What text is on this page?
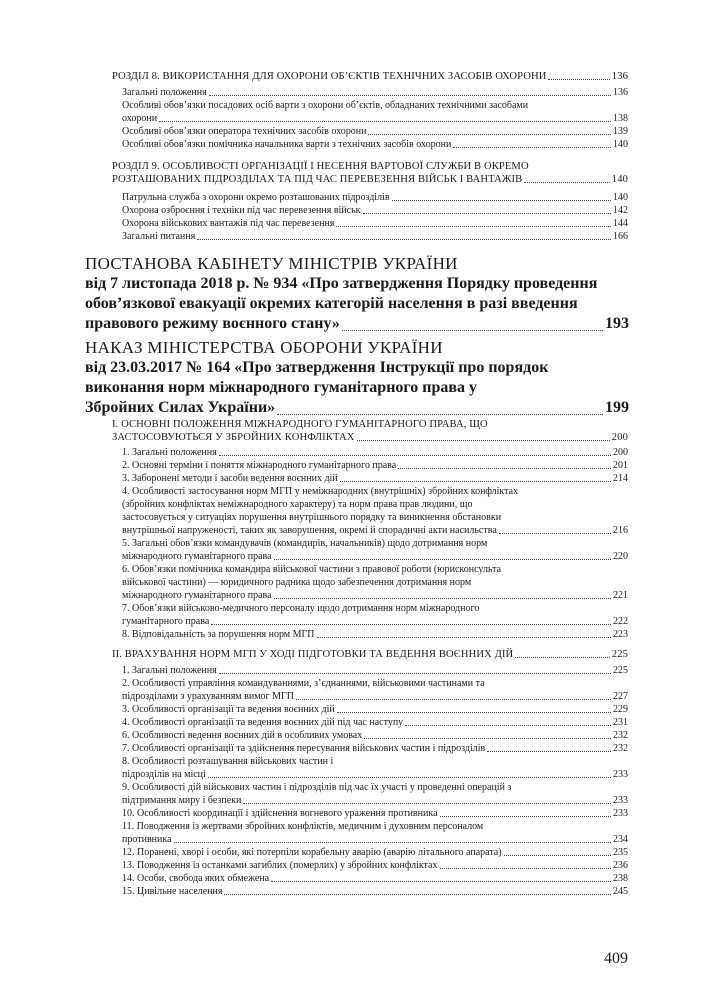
РОЗДІЛ 8. ВИКОРИСТАННЯ ДЛЯ ОХОРОНИ ОБ’ЄКТІВ ТЕХНІЧНИХ ЗАСОБІВ ОХОРОНИ	136
Загальні положення	136
Особливі обов’язки посадових осіб варти з охорони об’єктів, обладнаних технічними засобами
охорони	138
Особливі обов’язки оператора технічних засобів охорони	139
Особливі обов’язки помічника начальника варти з технічних засобів охорони	140
РОЗДІЛ 9. ОСОБЛИВОСТІ ОРГАНІЗАЦІЇ І НЕСЕННЯ ВАРТОВОЇ СЛУЖБИ В ОКРЕМО
РОЗТАШОВАНИХ ПІДРОЗДІЛАХ ТА ПІД ЧАС ПЕРЕВЕЗЕННЯ ВІЙСЬК І ВАНТАЖІВ	140
Патрульна служба з охорони окремо розташованих підрозділів	140
Охорона озброєння і техніки під час перевезення військ	142
Охорона військових вантажів під час перевезення	144
Загальні питання	166
ПОСТАНОВА КАБІНЕТУ МІНІСТРІВ УКРАЇНИ
від 7 листопада 2018 р. № 934 «Про затвердження Порядку проведення
обов’язкової евакуації окремих категорій населення в разі введення
правового режиму воєнного стану»	193
НАКАЗ МІНІСТЕРСТВА ОБОРОНИ УКРАЇНИ
від 23.03.2017 № 164 «Про затвердження Інструкції про порядок
виконання норм міжнародного гуманітарного права у
Збройних Силах України»	199
І. ОСНОВНІ ПОЛОЖЕННЯ МІЖНАРОДНОГО ГУМАНІТАРНОГО ПРАВА, ЩО
ЗАСТОСОВУЮТЬСЯ У ЗБРОЙНИХ КОНФЛІКТАХ	200
1. Загальні положення	200
2. Основні терміни і поняття міжнародного гуманітарного права	201
3. Заборонені методи і засоби ведення воєнних дій	214
4. Особливості застосування норм МГП у неміжнародних (внутрішніх) збройних конфліктах
(збройних конфліктах неміжнародного характеру) та норм права прав людини, що
застосовується у ситуаціях порушення внутрішнього порядку та виникнення обстановки
внутрішньої напруженості, таких як заворушення, окремі й спорадичні акти насильства	216
5. Загальні обов’язки командувачів (командирів, начальників) щодо дотримання норм
міжнародного гуманітарного права	220
6. Обов’язки помічника командира військової частини з правової роботи (юрисконсульта
військової частини) — юридичного радника щодо забезпечення дотримання норм
міжнародного гуманітарного права	221
7. Обов’язки військово-медичного персоналу щодо дотримання норм міжнародного
гуманітарного права	222
8. Відповідальність за порушення норм МГП	223
ІІ. ВРАХУВАННЯ НОРМ МГП У ХОДІ ПІДГОТОВКИ ТА ВЕДЕННЯ ВОЄННИХ ДІЙ	225
1. Загальні положення	225
2. Особливості управління командуваннями, з’єднаннями, військовими частинами та
підрозділами з урахуванням вимог МГП	227
3. Особливості організації та ведення воєнних дій	229
4. Особливості організації та ведення воєнних дій під час наступу	231
6. Особливості ведення воєнних дій в особливих умовах	232
7. Особливості організації та здійснення пересування військових частин і підрозділів	232
8. Особливості розташування військових частин і
підрозділів на місці	233
9. Особливості дій військових частин і підрозділів під час їх участі у проведенні операцій з
підтримання миру і безпеки	233
10. Особливості координації і здійснення вогневого ураження противника	233
11. Поводження із жертвами збройних конфліктів, медичним і духовним персоналом
противника	234
12. Поранені, хворі і особи, які потерпіли корабельну аварію (аварію літального апарата)	235
13. Поводження із останками загиблих (померлих) у збройних конфліктах	236
14. Особи, свобода яких обмежена	238
15. Цивільне населення	245
409
